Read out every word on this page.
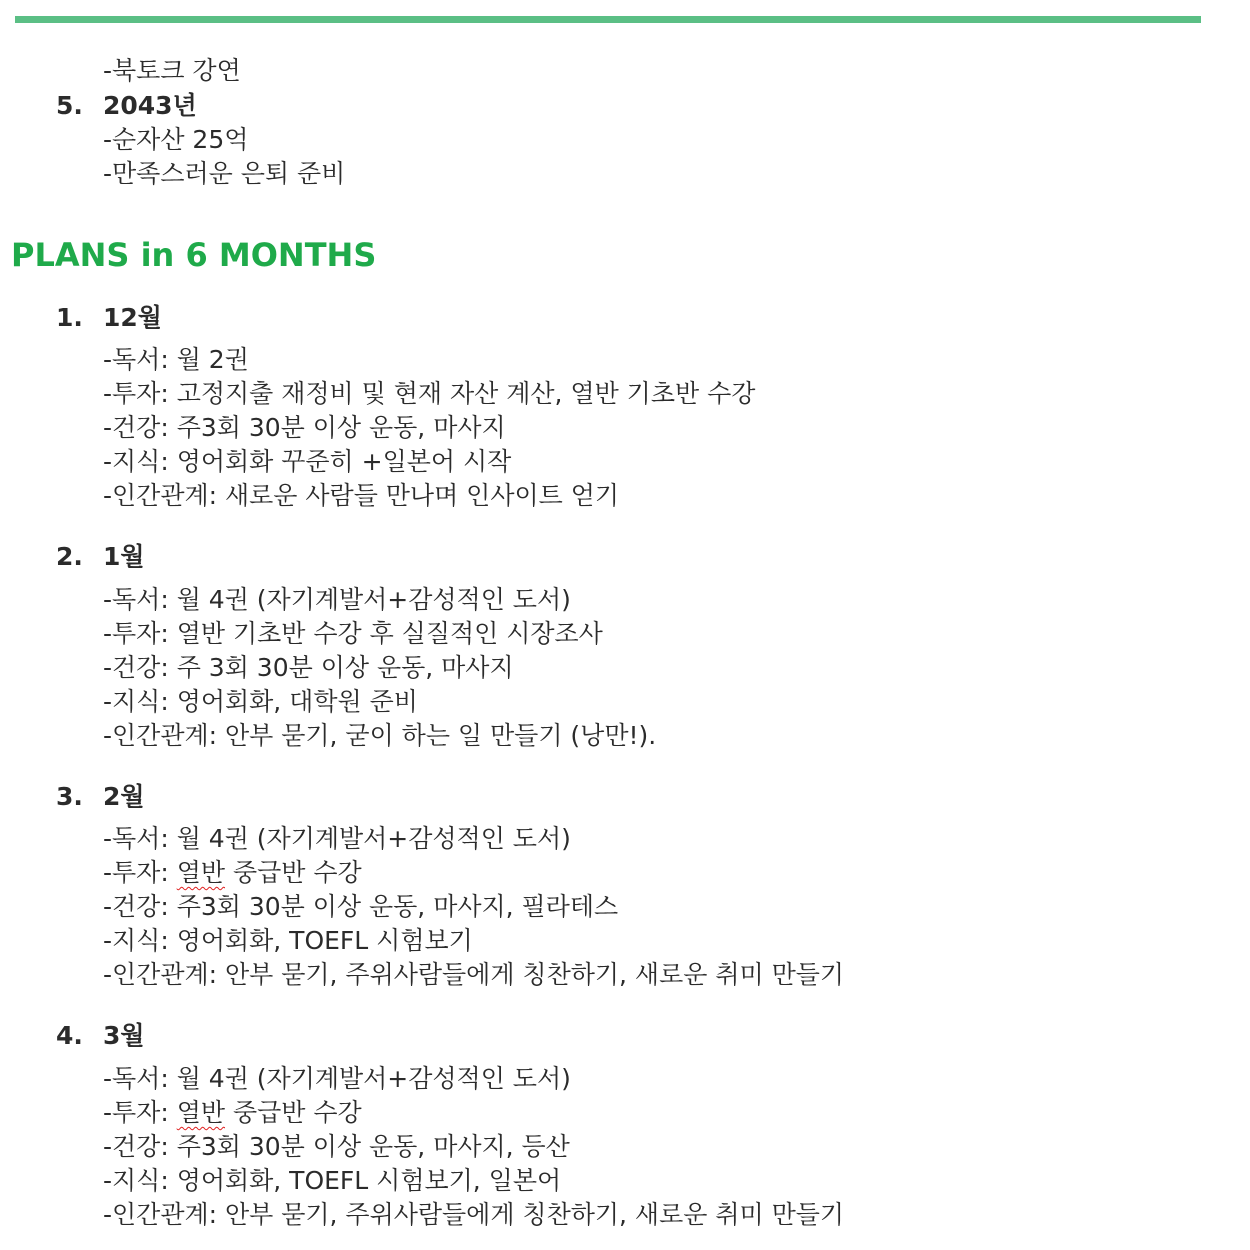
-북토크 강연
5. 2043년
-순자산 25억
-만족스러운 은퇴 준비
PLANS in 6 MONTHS
1. 12월
-독서: 월 2권
-투자: 고정지출 재정비 및 현재 자산 계산, 열반 기초반 수강
-건강: 주3회 30분 이상 운동, 마사지
-지식: 영어회화 꾸준히 +일본어 시작
-인간관계: 새로운 사람들 만나며 인사이트 얻기
2. 1월
-독서: 월 4권 (자기계발서+감성적인 도서)
-투자: 열반 기초반 수강 후 실질적인 시장조사
-건강: 주 3회 30분 이상 운동, 마사지
-지식: 영어회화, 대학원 준비
-인간관계: 안부 묻기, 굳이 하는 일 만들기 (낭만!).
3. 2월
-독서: 월 4권 (자기계발서+감성적인 도서)
-투자: 열반 중급반 수강
-건강: 주3회 30분 이상 운동, 마사지, 필라테스
-지식: 영어회화, TOEFL 시험보기
-인간관계: 안부 묻기, 주위사람들에게 칭찬하기, 새로운 취미 만들기
4. 3월
-독서: 월 4권 (자기계발서+감성적인 도서)
-투자: 열반 중급반 수강
-건강: 주3회 30분 이상 운동, 마사지, 등산
-지식: 영어회화, TOEFL 시험보기, 일본어
-인간관계: 안부 묻기, 주위사람들에게 칭찬하기, 새로운 취미 만들기
